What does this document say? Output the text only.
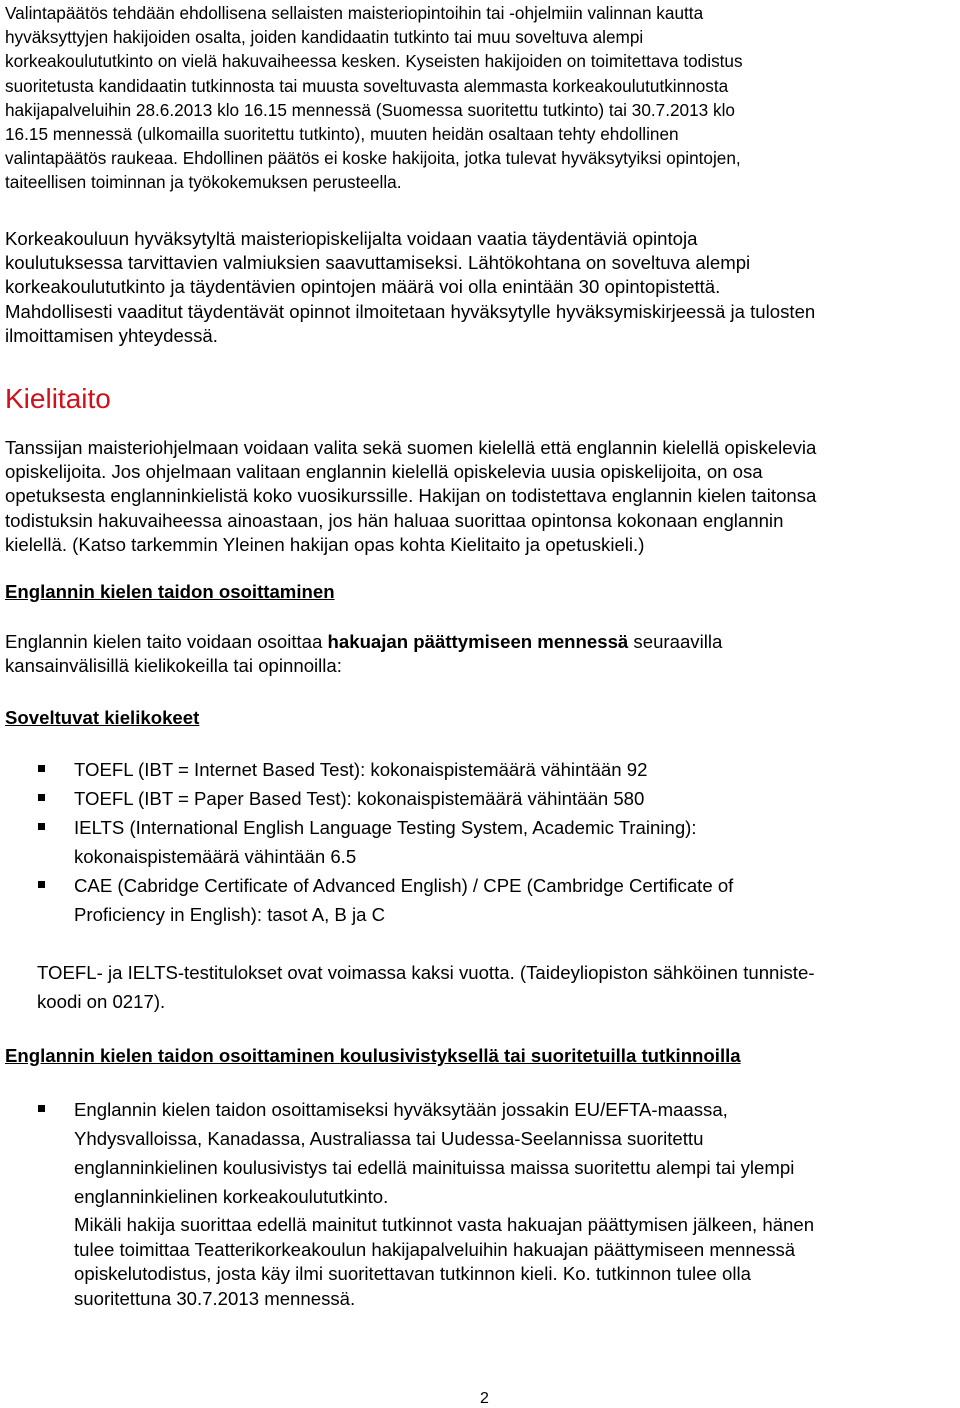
Valintapäätös tehdään ehdollisena sellaisten maisteriopintoihin tai -ohjelmiin valinnan kautta
hyväksyttyjen hakijoiden osalta, joiden kandidaatin tutkinto tai muu soveltuva alempi
korkeakoulututkinto on vielä hakuvaiheessa kesken. Kyseisten hakijoiden on toimitettava todistus
suoritetusta kandidaatin tutkinnosta tai muusta soveltuvasta alemmasta korkeakoulututkinnosta
hakijapalveluihin 28.6.2013 klo 16.15 mennessä (Suomessa suoritettu tutkinto) tai 30.7.2013 klo
16.15 mennessä (ulkomailla suoritettu tutkinto), muuten heidän osaltaan tehty ehdollinen
valintapäätös raukeaa. Ehdollinen päätös ei koske hakijoita, jotka tulevat hyväksytyiksi opintojen,
taiteellisen toiminnan ja työkokemuksen perusteella.

Korkeakouluun hyväksytyltä maisteriopiskelijalta voidaan vaatia täydentäviä opintoja
koulutuksessa tarvittavien valmiuksien saavuttamiseksi. Lähtökohtana on soveltuva alempi
korkeakoulututkinto ja täydentävien opintojen määrä voi olla enintään 30 opintopistettä.
Mahdollisesti vaaditut täydentävät opinnot ilmoitetaan hyväksytylle hyväksymiskirjeessä ja tulosten
ilmoittamisen yhteydessä.

Kielitaito

Tanssijan maisteriohjelmaan voidaan valita sekä suomen kielellä että englannin kielellä opiskelevia
opiskelijoita. Jos ohjelmaan valitaan englannin kielellä opiskelevia uusia opiskelijoita, on osa
opetuksesta englanninkielistä koko vuosikurssille. Hakijan on todistettava englannin kielen taitonsa
todistuksin hakuvaiheessa ainoastaan, jos hän haluaa suorittaa opintonsa kokonaan englannin
kielellä. (Katso tarkemmin Yleinen hakijan opas kohta Kielitaito ja opetuskieli.)

Englannin kielen taidon osoittaminen

Englannin kielen taito voidaan osoittaa hakuajan päättymiseen mennessä seuraavilla
kansainvälisillä kielikokeilla tai opinnoilla:

Soveltuvat kielikokeet
TOEFL (IBT = Internet Based Test): kokonaispistemäärä vähintään 92
TOEFL (IBT = Paper Based Test): kokonaispistemäärä vähintään 580
IELTS (International English Language Testing System, Academic Training):
kokonaispistemäärä vähintään 6.5
CAE (Cabridge Certificate of Advanced English) / CPE (Cambridge Certificate of
Proficiency in English): tasot A, B ja C

TOEFL- ja IELTS-testitulokset ovat voimassa kaksi vuotta. (Taideyliopiston sähköinen tunniste-
koodi on 0217).

Englannin kielen taidon osoittaminen koulusivistyksellä tai suoritetuilla tutkinnoilla
Englannin kielen taidon osoittamiseksi hyväksytään jossakin EU/EFTA-maassa,
Yhdysvalloissa, Kanadassa, Australiassa tai Uudessa-Seelannissa suoritettu
englanninkielinen koulusivistys tai edellä mainituissa maissa suoritettu alempi tai ylempi
englanninkielinen korkeakoulututkinto.

Mikäli hakija suorittaa edellä mainitut tutkinnot vasta hakuajan päättymisen jälkeen, hänen
tulee toimittaa Teatterikorkeakoulun hakijapalveluihin hakuajan päättymiseen mennessä
opiskelutodistus, josta käy ilmi suoritettavan tutkinnon kieli. Ko. tutkinnon tulee olla
suoritettuna 30.7.2013 mennessä.

2
